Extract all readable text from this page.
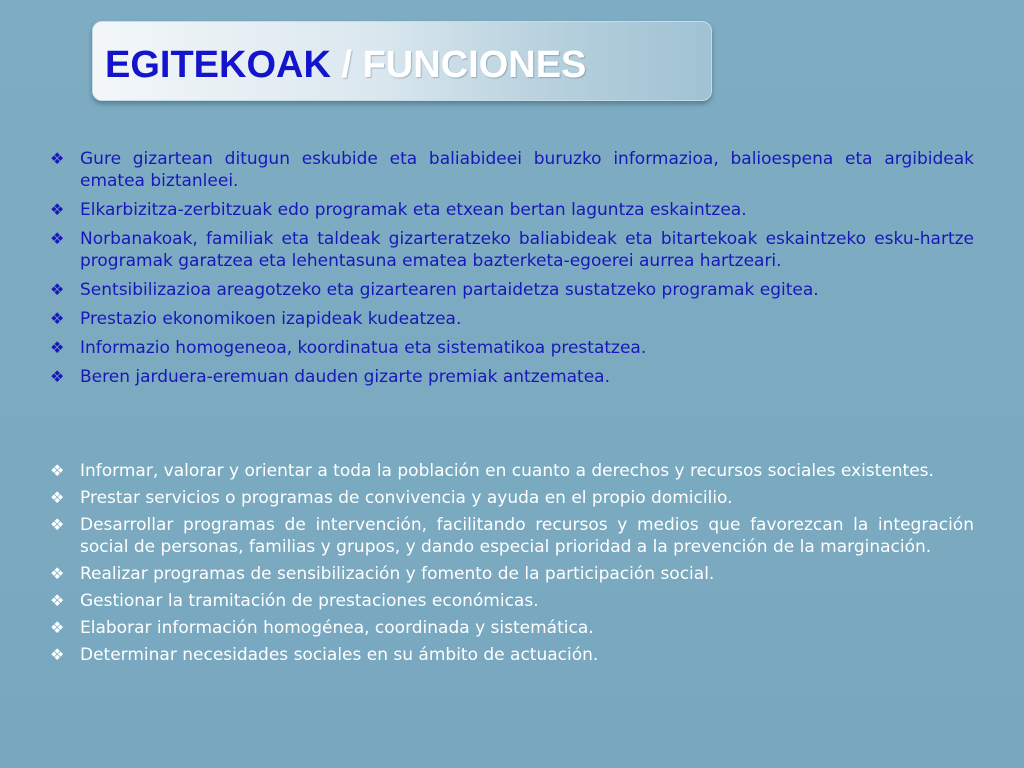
EGITEKOAK / FUNCIONES
❖ Gure gizartean ditugun eskubide eta baliabideei buruzko informazioa, balioespena eta argibideak ematea biztanleei.
❖ Elkarbizitza-zerbitzuak edo programak eta etxean bertan laguntza eskaintzea.
❖ Norbanakoak, familiak eta taldeak gizarteratzeko baliabideak eta bitartekoak eskaintzeko esku-hartze programak garatzea eta lehentasuna ematea bazterketa-egoerei aurrea hartzeari.
❖ Sentsibilizazioa areagotzeko eta gizartearen partaidetza sustatzeko programak egitea.
❖ Prestazio ekonomikoen izapideak kudeatzea.
❖ Informazio homogeneoa, koordinatua eta sistematikoa prestatzea.
❖ Beren jarduera-eremuan dauden gizarte premiak antzematea.
❖ Informar, valorar y orientar a toda la población en cuanto a derechos y recursos sociales existentes.
❖ Prestar servicios o programas de convivencia y ayuda en el propio domicilio.
❖ Desarrollar programas de intervención, facilitando recursos y medios que favorezcan la integración social de personas, familias y grupos, y dando especial prioridad a la prevención de la marginación.
❖ Realizar programas de sensibilización y fomento de la participación social.
❖ Gestionar la tramitación de prestaciones económicas.
❖ Elaborar información homogénea, coordinada y sistemática.
❖ Determinar necesidades sociales en su ámbito de actuación.
